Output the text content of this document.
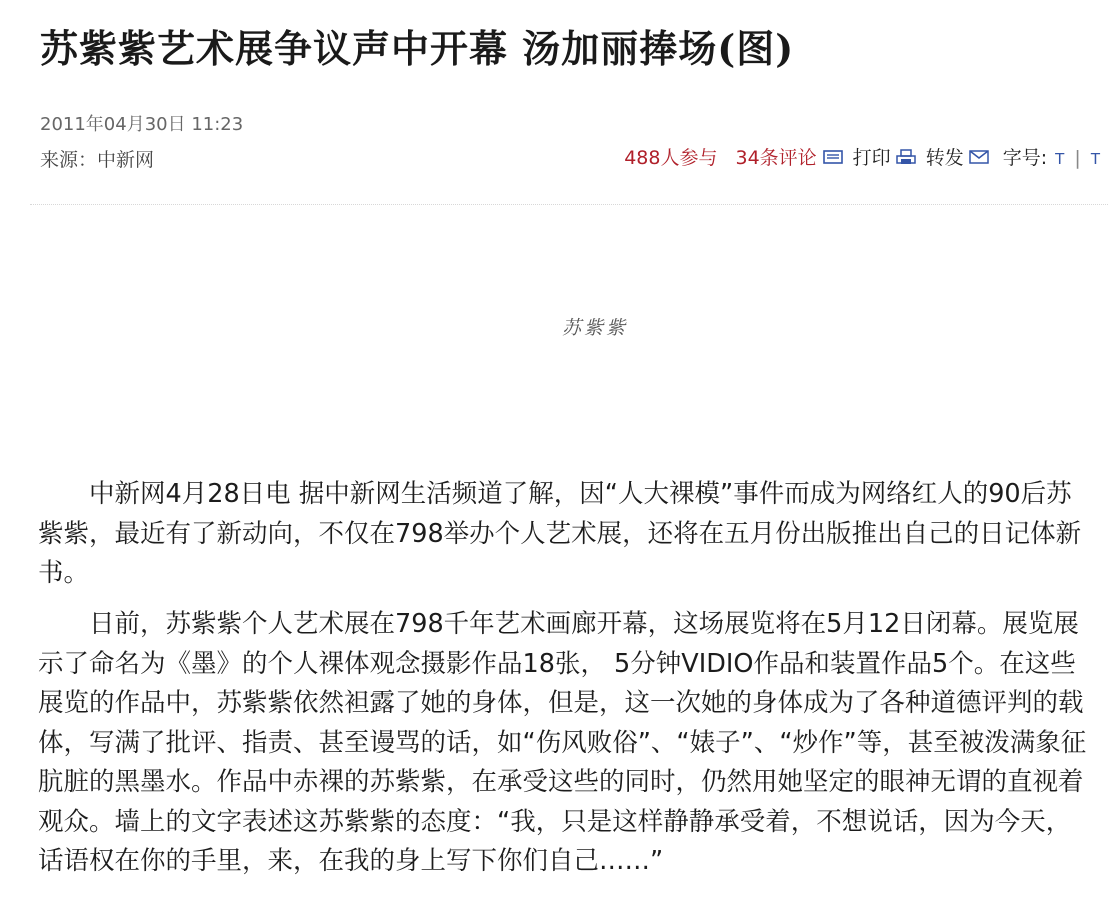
苏紫紫艺术展争议声中开幕 汤加丽捧场(图)
2011年04月30日 11:23
来源：中新网	488人参与 34条评论 打印 转发 字号: T | T
苏紫紫

中新网4月28日电 据中新网生活频道了解，因“人大裸模”事件而成为网络红人的90后苏紫紫，最近有了新动向，不仅在798举办个人艺术展，还将在五月份出版推出自己的日记体新书。

日前，苏紫紫个人艺术展在798千年艺术画廊开幕，这场展览将在5月12日闭幕。展览展示了命名为《墨》的个人裸体观念摄影作品18张， 5分钟VIDIO作品和装置作品5个。在这些展览的作品中，苏紫紫依然袒露了她的身体，但是，这一次她的身体成为了各种道德评判的载体，写满了批评、指责、甚至谩骂的话，如“伤风败俗”、“婊子”、“炒作”等，甚至被泼满象征肮脏的黑墨水。作品中赤裸的苏紫紫，在承受这些的同时，仍然用她坚定的眼神无谓的直视着观众。墙上的文字表述这苏紫紫的态度：“我，只是这样静静承受着，不想说话，因为今天，话语权在你的手里，来，在我的身上写下你们自己……”
